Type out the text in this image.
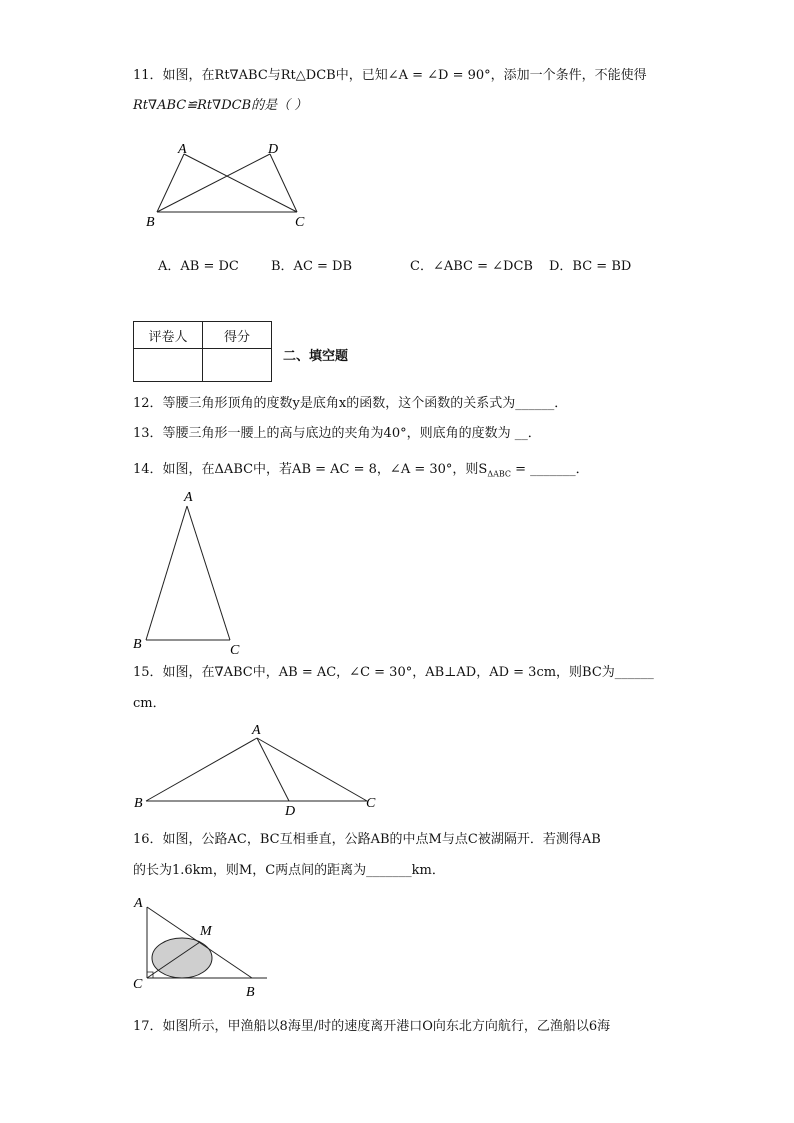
11．如图，在Rt∇ABC与Rt△DCB中，已知∠A = ∠D = 90°，添加一个条件，不能使得
Rt∇ABC≌Rt∇DCB的是（ ）
A	D
B	C
A．AB = DC B．AC = DB	C．∠ABC = ∠DCB D．BC = BD
评卷人	得分

二、填空题
12．等腰三角形顶角的度数y是底角x的函数，这个函数的关系式为______．
13．等腰三角形一腰上的高与底边的夹角为40°，则底角的度数为 __．
14．如图，在ΔABC中，若AB = AC = 8，∠A = 30°，则$S_{\Delta ABC}$ = _______．
A
B	C
15．如图，在∇ABC中，AB = AC，∠C = 30°，AB⊥AD，AD = 3cm，则BC为______
cm．
A
B	C
D
16．如图，公路AC，BC互相垂直，公路AB的中点M与点C被湖隔开．若测得AB
的长为1.6km，则M，C两点间的距离为_______km．
A
M
C
B
17．如图所示，甲渔船以8海里/时的速度离开港口O向东北方向航行，乙渔船以6海
